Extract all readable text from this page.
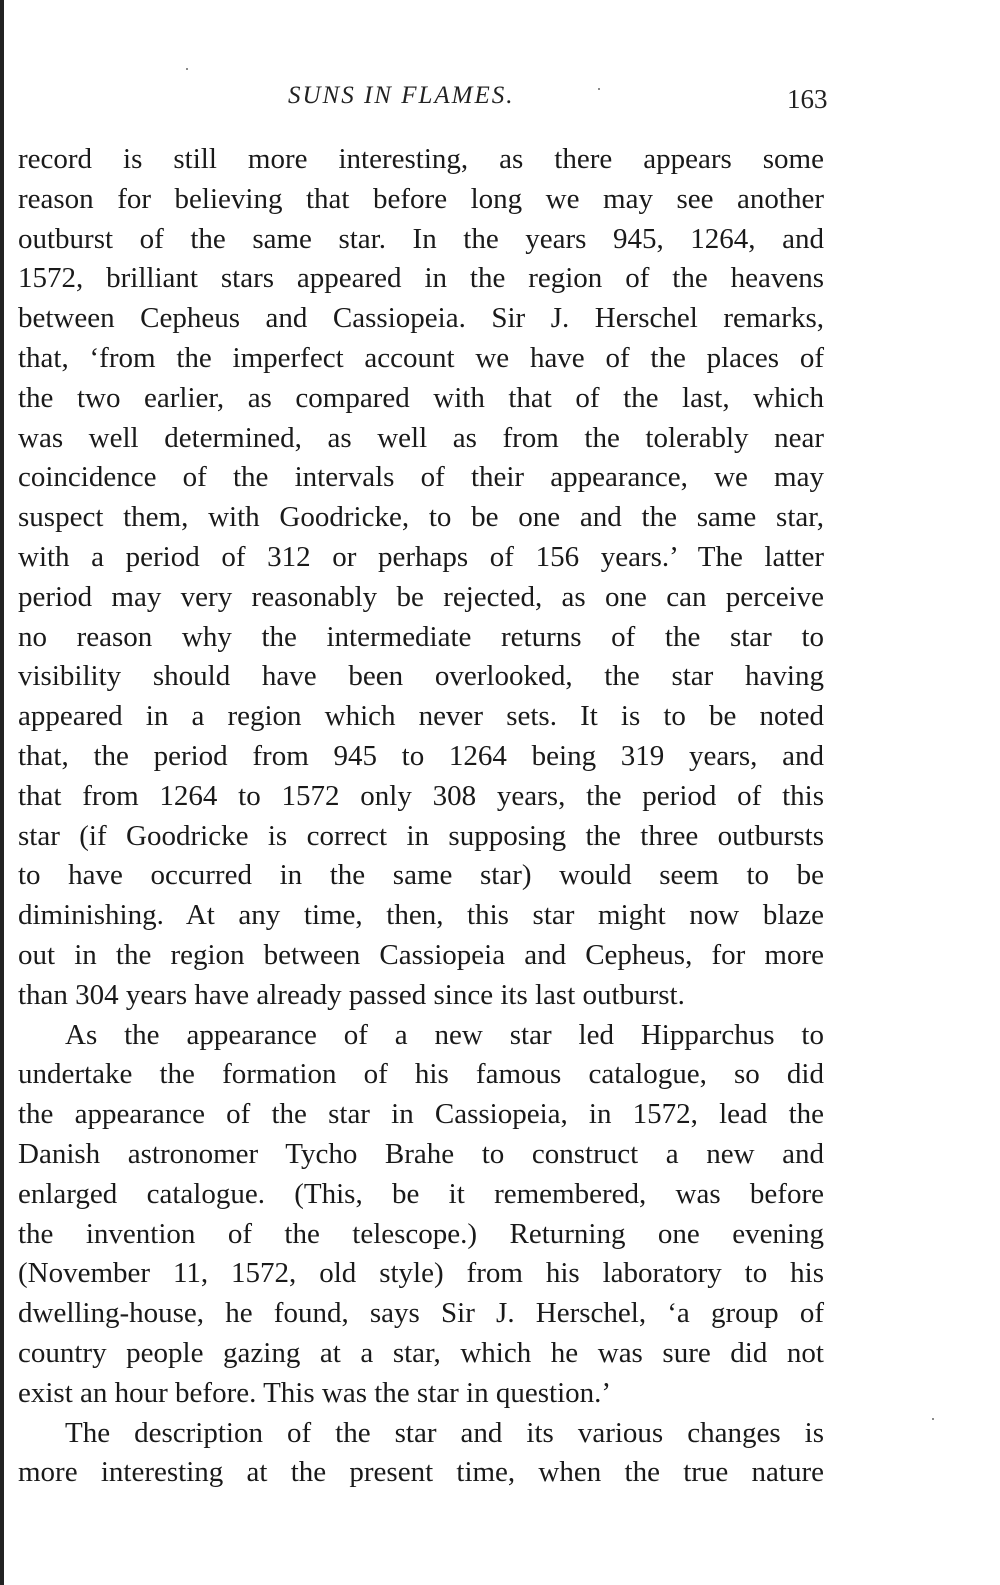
SUNS IN FLAMES.	163
record is still more interesting, as there appears some
reason for believing that before long we may see another
outburst of the same star. In the years 945, 1264, and
1572, brilliant stars appeared in the region of the heavens
between Cepheus and Cassiopeia. Sir J. Herschel remarks,
that, ‘from the imperfect account we have of the places of
the two earlier, as compared with that of the last, which
was well determined, as well as from the tolerably near
coincidence of the intervals of their appearance, we may
suspect them, with Goodricke, to be one and the same star,
with a period of 312 or perhaps of 156 years.’ The latter
period may very reasonably be rejected, as one can perceive
no reason why the intermediate returns of the star to
visibility should have been overlooked, the star having
appeared in a region which never sets. It is to be noted
that, the period from 945 to 1264 being 319 years, and
that from 1264 to 1572 only 308 years, the period of this
star (if Goodricke is correct in supposing the three outbursts
to have occurred in the same star) would seem to be
diminishing. At any time, then, this star might now blaze
out in the region between Cassiopeia and Cepheus, for more
than 304 years have already passed since its last outburst.
As the appearance of a new star led Hipparchus to
undertake the formation of his famous catalogue, so did
the appearance of the star in Cassiopeia, in 1572, lead the
Danish astronomer Tycho Brahe to construct a new and
enlarged catalogue. (This, be it remembered, was before
the invention of the telescope.) Returning one evening
(November 11, 1572, old style) from his laboratory to his
dwelling-house, he found, says Sir J. Herschel, ‘a group of
country people gazing at a star, which he was sure did not
exist an hour before. This was the star in question.’
The description of the star and its various changes is
more interesting at the present time, when the true nature
